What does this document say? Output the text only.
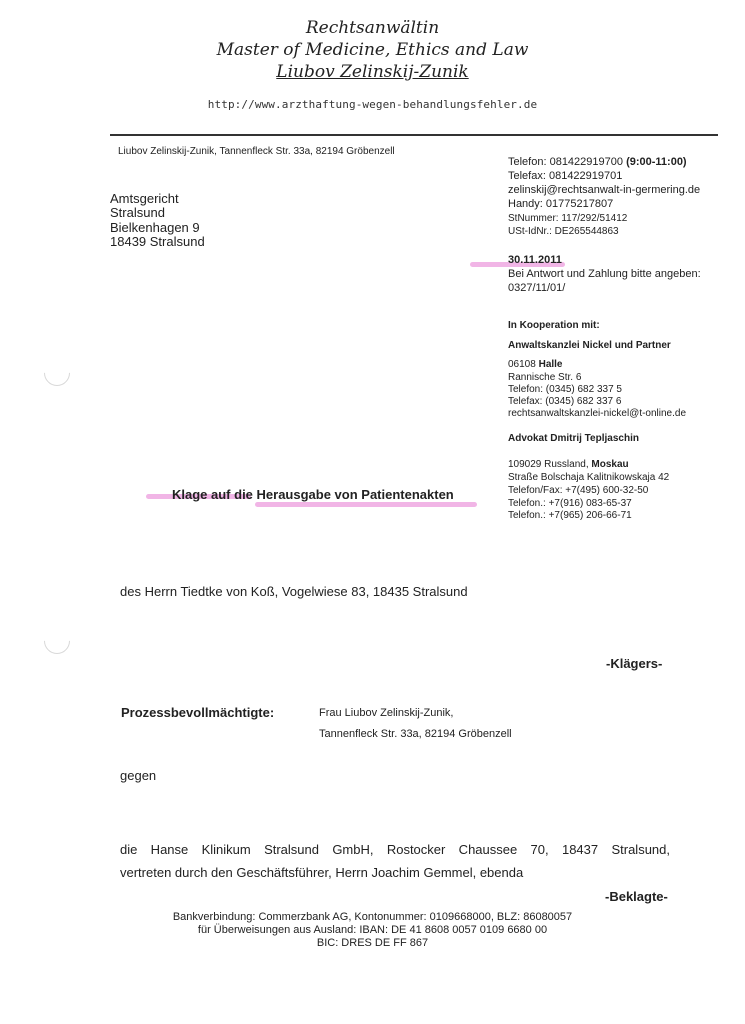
Rechtsanwältin
Master of Medicine, Ethics and Law
Liubov Zelinskij-Zunik
http://www.arzthaftung-wegen-behandlungsfehler.de
Liubov Zelinskij-Zunik, Tannenfleck Str. 33a, 82194 Gröbenzell
Telefon: 081422919700 (9:00-11:00)
Telefax: 081422919701
zelinskij@rechtsanwalt-in-germering.de
Handy: 01775217807
StNummer: 117/292/51412
USt-IdNr.: DE265544863
Amtsgericht
Stralsund
Bielkenhagen 9
18439 Stralsund
30.11.2011
Bei Antwort und Zahlung bitte angeben:
0327/11/01/
In Kooperation mit:
Anwaltskanzlei Nickel und Partner
06108 Halle
Rannische Str. 6
Telefon: (0345) 682 337 5
Telefax: (0345) 682 337 6
rechtsanwaltskanzlei-nickel@t-online.de
Advokat Dmitrij Tepljaschin
109029 Russland, Moskau
Straße Bolschaja Kalitnikowskaja 42
Telefon/Fax: +7(495) 600-32-50
Telefon.: +7(916) 083-65-37
Telefon.: +7(965) 206-66-71
Klage auf die Herausgabe von Patientenakten
des Herrn Tiedtke von Koß, Vogelwiese 83, 18435 Stralsund
-Klägers-
Prozessbevollmächtigte:	Frau Liubov Zelinskij-Zunik,
Tannenfleck Str. 33a, 82194 Gröbenzell
gegen
die Hanse Klinikum Stralsund GmbH, Rostocker Chaussee 70, 18437 Stralsund,
vertreten durch den Geschäftsführer, Herrn Joachim Gemmel, ebenda
-Beklagte-
Bankverbindung: Commerzbank AG, Kontonummer: 0109668000, BLZ: 86080057
für Überweisungen aus Ausland: IBAN: DE 41 8608 0057 0109 6680 00
BIC: DRES DE FF 867
